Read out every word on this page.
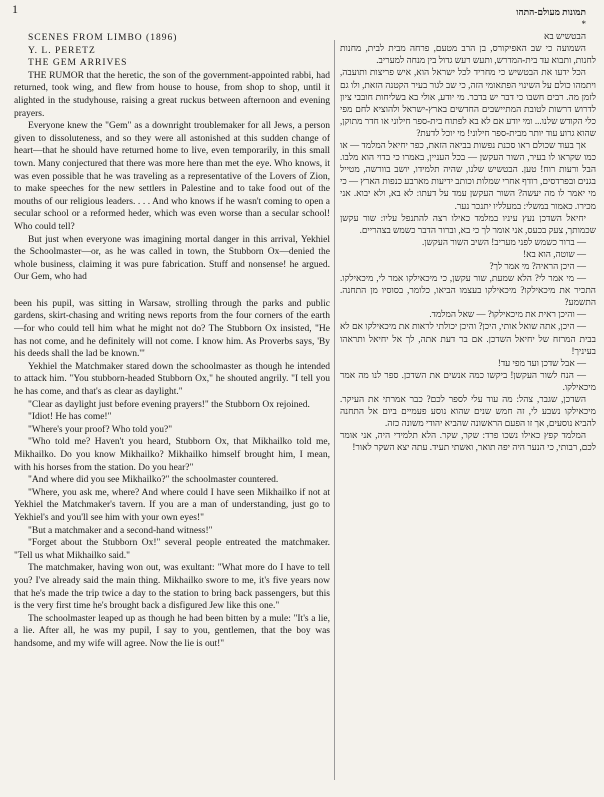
1

SCENES FROM LIMBO (1896)

Y. L. PERETZ

THE GEM ARRIVES

THE RUMOR that the heretic, the son of the government-appointed rabbi, had returned, took wing, and flew from house to house, from shop to shop, until it alighted in the studyhouse, raising a great ruckus between afternoon and evening prayers.

Everyone knew the "Gem" as a downright troublemaker for all Jews, a person given to dissoluteness, and so they were all astonished at this sudden change of heart—that he should have returned home to live, even temporarily, in this small town. Many conjectured that there was more here than met the eye. Who knows, it was even possible that he was traveling as a representative of the Lovers of Zion, to make speeches for the new settlers in Palestine and to take food out of the mouths of our religious leaders. . . . And who knows if he wasn't coming to open a secular school or a reformed heder, which was even worse than a secular school! Who could tell?

But just when everyone was imagining mortal danger in this arrival, Yekhiel the Schoolmaster—or, as he was called in town, the Stubborn Ox—denied the whole business, claiming it was pure fabrication. Stuff and nonsense! he argued. Our Gem, who had

been his pupil, was sitting in Warsaw, strolling through the parks and public gardens, skirt-chasing and writing news reports from the four corners of the earth—for who could tell him what he might not do? The Stubborn Ox insisted, "He has not come, and he definitely will not come. I know him. As Proverbs says, 'By his deeds shall the lad be known.'"

Yekhiel the Matchmaker stared down the schoolmaster as though he intended to attack him. "You stubborn-headed Stubborn Ox," he shouted angrily. "I tell you he has come, and that's as clear as daylight."

"Clear as daylight just before evening prayers!" the Stubborn Ox rejoined.

"Idiot! He has come!"

"Where's your proof? Who told you?"

"Who told me? Haven't you heard, Stubborn Ox, that Mikhailko told me, Mikhailko. Do you know Mikhailko? Mikhailko himself brought him, I mean, with his horses from the station. Do you hear?"

"And where did you see Mikhailko?" the schoolmaster countered.

"Where, you ask me, where? And where could I have seen Mikhailko if not at Yekhiel the Matchmaker's tavern. If you are a man of understanding, just go to Yekhiel's and you'll see him with your own eyes!"

"But a matchmaker and a second-hand witness!"

"Forget about the Stubborn Ox!" several people entreated the matchmaker. "Tell us what Mikhailko said."

The matchmaker, having won out, was exultant: "What more do I have to tell you? I've already said the main thing. Mikhailko swore to me, it's five years now that he's made the trip twice a day to the station to bring back passengers, but this is the very first time he's brought back a disfigured Jew like this one."

The schoolmaster leaped up as though he had been bitten by a mule: "It's a lie, a lie. After all, he was my pupil, I say to you, gentlemen, that the boy was handsome, and my wife will agree. Now the lie is out!"

תמונות מעולם-התהו

*

הבטשיש בא

השמועה כי שב האפיקורס, בן הרב מטעם, פרחה מבית לבית, מחנות לחנות, ותבוא עד בית-המדרש, ותעש רעש גדול בין מנחה למעריב.

הכל ידעו את הבטשיש כי מחריד לכל ישראל הוא, איש פריצות ותועבה, ויתמהו כולם על השינוי הפתאומי הזה, כי שב לגור בעיר הקטנה הזאת, ולו גם לזמן מה. רבים חשבו כי דבר יש בדבר. מי יודע, אולי בא בשליחות חובבי ציון לדרוש דרשות לטובת המתיישבים החדשים בארץ-ישראל ולהוציא לחם מפי כלי הקודש שלנו... ומי יודע אם לא בא לפתוח בית-ספר חילוני או חדר מתוקן, שהוא גרוע עוד יותר מבית-ספר חילוני! מי יוכל לדעת?

אך בעוד שכולם ראו סכנת נפשות בביאה הזאת, כפר יחיאל המלמד — או כמו שקראו לו בעיר, השור העקשן — בכל העניין, באמרו כי בדוי הוא מלבו. הבל ורעות רוח! טען. הבטשיש שלנו, שהיה תלמידו, יושב בוורשה, מטייל בגנים ובפרדסים, רודף אחרי שמלות וכותב ידיעות מארבע כנפות הארץ — כי מי יאמר לו מה יעשה? השור העקשן עמד על דעתו: לא בא, ולא יבוא. אני מכירו. כאמור במשלי: במעלליו יתנכר נער.

יחיאל השדכן נעץ עיניו במלמד כאילו רצה להתנפל עליו: שור עקשן שכמותך, צעק בכעס, אני אומר לך כי בא, וברור הדבר כשמש בצהריים.

— ברור כשמש לפני מעריב! השיב השור העקשן.

— שוטה, הוא בא!

— היכן הראיה? מי אמר לך?

— מי אמר לי? הלא שמעת, שור עקשן, כי מיכאילקו אמר לי, מיכאילקו. התכיר את מיכאילקו? מיכאילקו בעצמו הביאו, כלומר, בסוסיו מן התחנה. התשמע?

— והיכן ראית את מיכאילקו? — שאל המלמד.

— היכן, אתה שואל אותי, היכן? והיכן יכולתי לראות את מיכאילקו אם לא בבית המרזח של יחיאל השדכן. אם בר דעת אתה, לך אל יחיאל ותראהו בעיניך!

— אבל שדכן ועד מפי עד!

— הנח לשור העקשן! ביקשו כמה אנשים את השדכן. ספר לנו מה אמר מיכאילקו.

השדכן, שגבר, צהל: מה עוד עלי לספר לכם? כבר אמרתי את העיקר. מיכאילקו נשבע לי, זה חמש שנים שהוא נוסע פעמיים ביום אל התחנה להביא נוסעים, אך זו הפעם הראשונה שהביא יהודי משונה כזה.

המלמד קפץ כאילו נשכו פרד: שקר, שקר. הלא תלמידי היה, אני אומר לכם, רבותי, כי הנער היה יפה תואר, ואשתי תעיד. עתה יצא השקר לאור!
